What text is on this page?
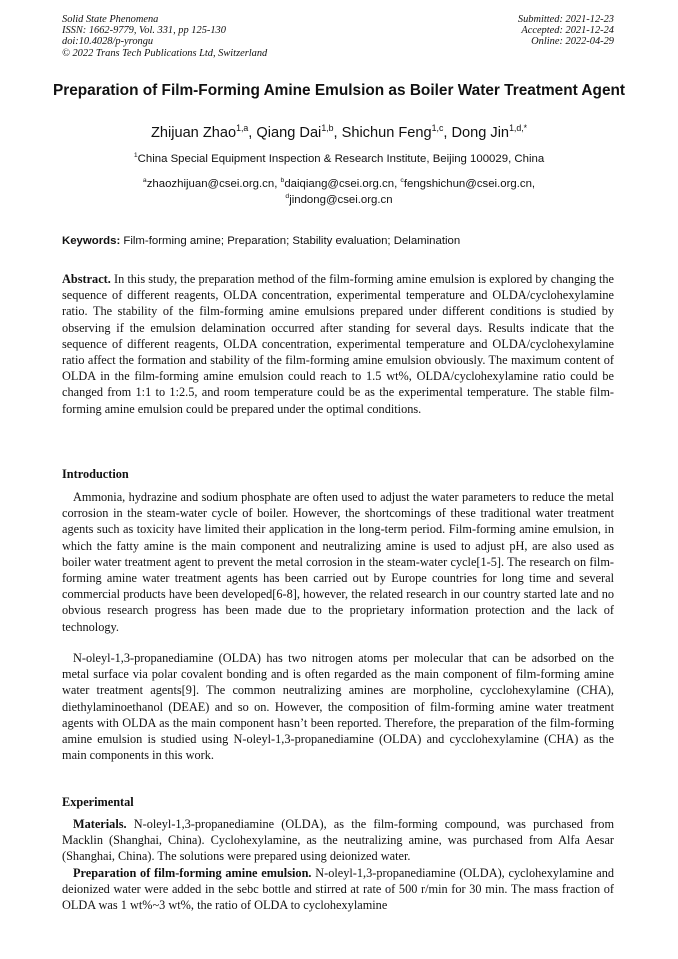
Solid State Phenomena
ISSN: 1662-9779, Vol. 331, pp 125-130
doi:10.4028/p-yrongu
© 2022 Trans Tech Publications Ltd, Switzerland
Submitted: 2021-12-23
Accepted: 2021-12-24
Online: 2022-04-29
Preparation of Film-Forming Amine Emulsion as Boiler Water Treatment Agent
Zhijuan Zhao$^{1,a}$, Qiang Dai$^{1,b}$, Shichun Feng$^{1,c}$, Dong Jin$^{1,d,*}$
$^1$China Special Equipment Inspection & Research Institute, Beijing 100029, China
$^a$zhaozhijuan@csei.org.cn, $^b$daiqiang@csei.org.cn, $^c$fengshichun@csei.org.cn,
$^d$jindong@csei.org.cn
Keywords: Film-forming amine; Preparation; Stability evaluation; Delamination
Abstract. In this study, the preparation method of the film-forming amine emulsion is explored by changing the sequence of different reagents, OLDA concentration, experimental temperature and OLDA/cyclohexylamine ratio. The stability of the film-forming amine emulsions prepared under different conditions is studied by observing if the emulsion delamination occurred after standing for several days. Results indicate that the sequence of different reagents, OLDA concentration, experimental temperature and OLDA/cyclohexylamine ratio affect the formation and stability of the film-forming amine emulsion obviously. The maximum content of OLDA in the film-forming amine emulsion could reach to 1.5 wt%, OLDA/cyclohexylamine ratio could be changed from 1:1 to 1:2.5, and room temperature could be as the experimental temperature. The stable film-forming amine emulsion could be prepared under the optimal conditions.
Introduction
Ammonia, hydrazine and sodium phosphate are often used to adjust the water parameters to reduce the metal corrosion in the steam-water cycle of boiler. However, the shortcomings of these traditional water treatment agents such as toxicity have limited their application in the long-term period. Film-forming amine emulsion, in which the fatty amine is the main component and neutralizing amine is used to adjust pH, are also used as boiler water treatment agent to prevent the metal corrosion in the steam-water cycle[1-5]. The research on film-forming amine water treatment agents has been carried out by Europe countries for long time and several commercial products have been developed[6-8], however, the related research in our country started late and no obvious research progress has been made due to the proprietary information protection and the lack of technology.
N-oleyl-1,3-propanediamine (OLDA) has two nitrogen atoms per molecular that can be adsorbed on the metal surface via polar covalent bonding and is often regarded as the main component of film-forming amine water treatment agents[9]. The common neutralizing amines are morpholine, cycclohexylamine (CHA), diethylaminoethanol (DEAE) and so on. However, the composition of film-forming amine water treatment agents with OLDA as the main component hasn’t been reported. Therefore, the preparation of the film-forming amine emulsion is studied using N-oleyl-1,3-propanediamine (OLDA) and cycclohexylamine (CHA) as the main components in this work.
Experimental
Materials. N-oleyl-1,3-propanediamine (OLDA), as the film-forming compound, was purchased from Macklin (Shanghai, China). Cyclohexylamine, as the neutralizing amine, was purchased from Alfa Aesar (Shanghai, China). The solutions were prepared using deionized water.
Preparation of film-forming amine emulsion. N-oleyl-1,3-propanediamine (OLDA), cyclohexylamine and deionized water were added in the sebc bottle and stirred at rate of 500 r/min for 30 min. The mass fraction of OLDA was 1 wt%~3 wt%, the ratio of OLDA to cyclohexylamine
